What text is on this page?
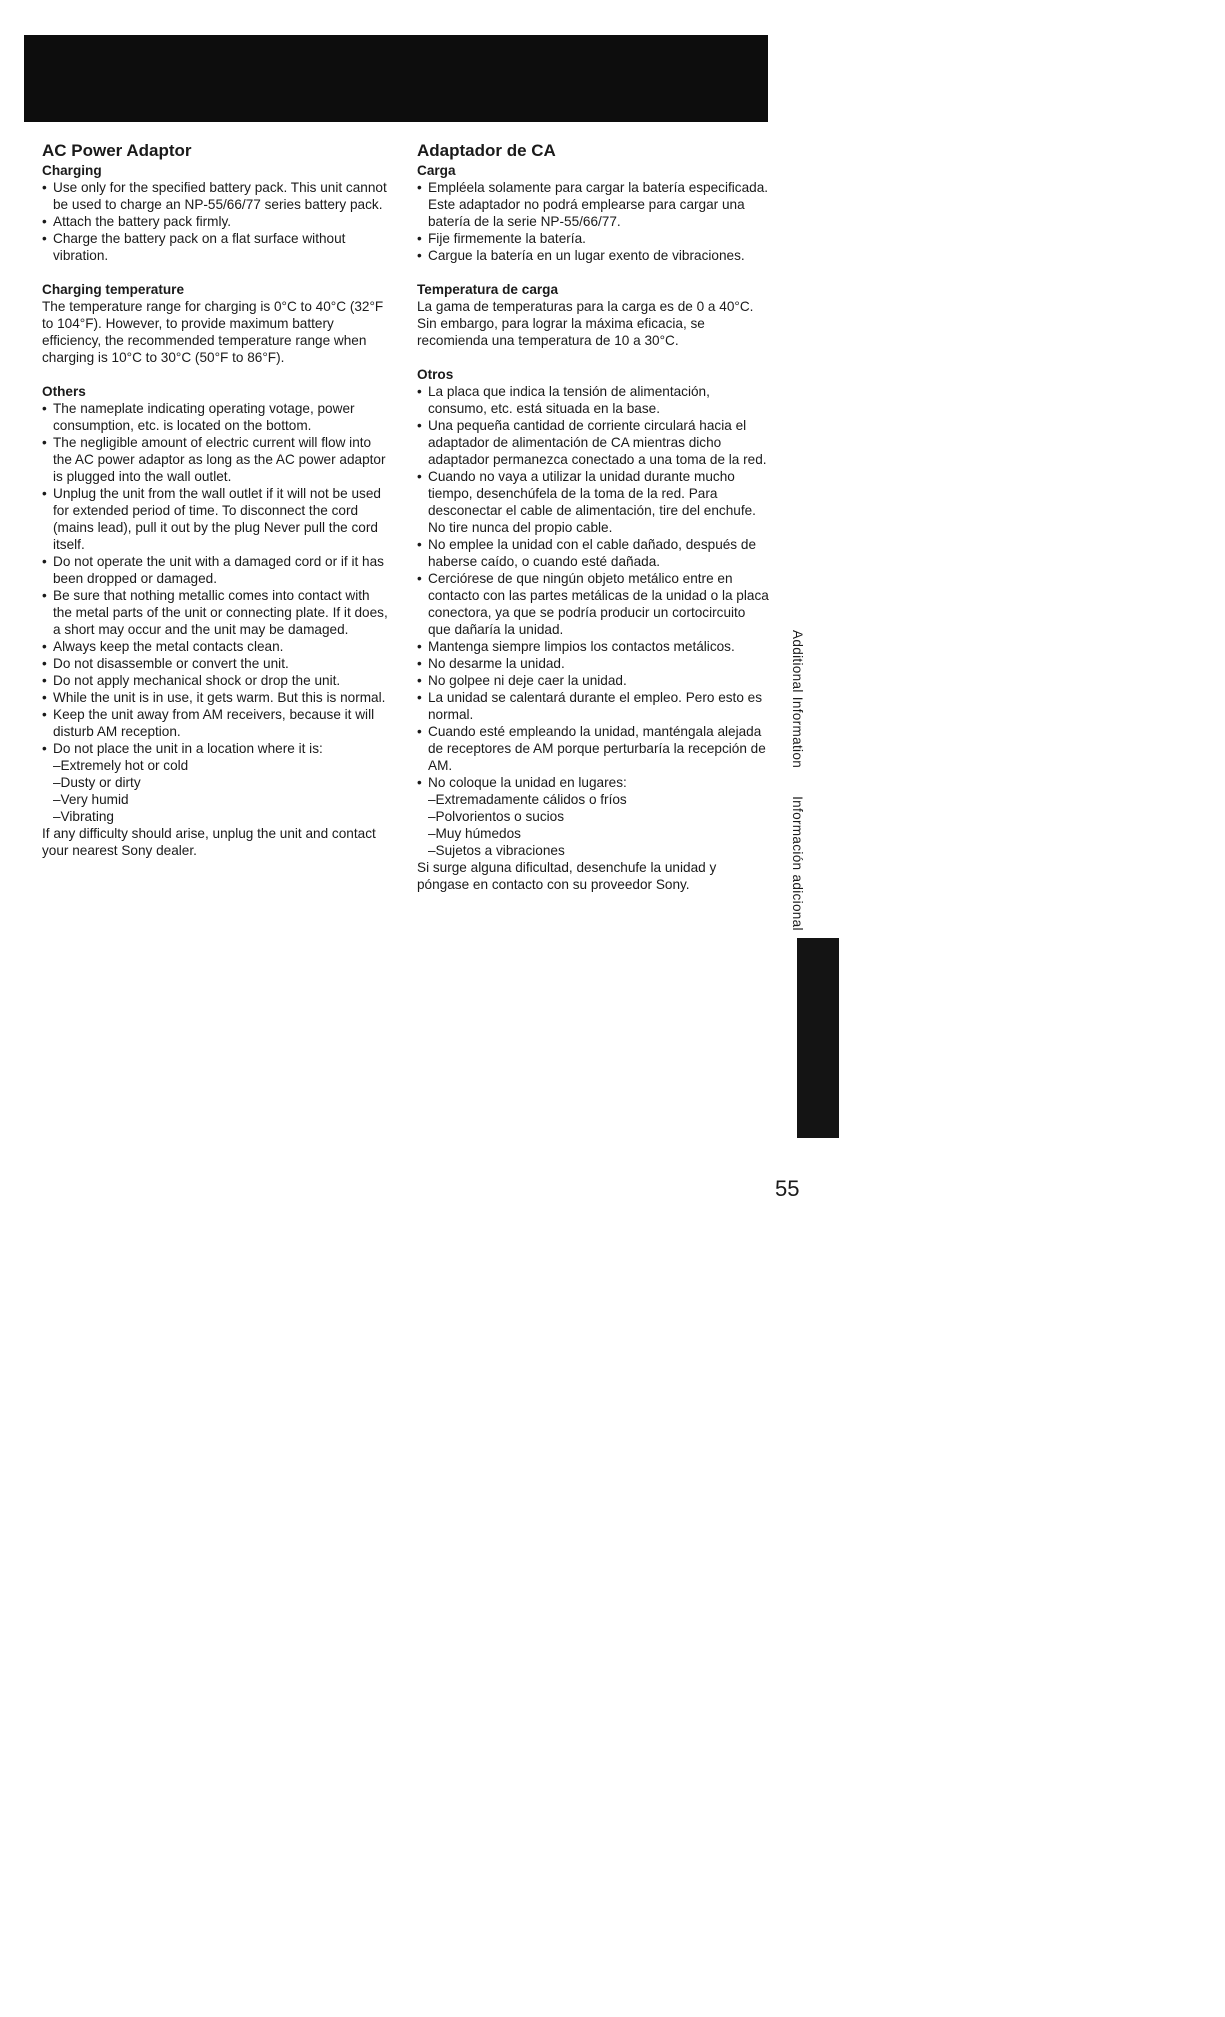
AC Power Adaptor
Charging
• Use only for the specified battery pack. This unit cannot be used to charge an NP-55/66/77 series battery pack.
• Attach the battery pack firmly.
• Charge the battery pack on a flat surface without vibration.
Charging temperature

The temperature range for charging is 0°C to 40°C (32°F to 104°F). However, to provide maximum battery efficiency, the recommended temperature range when charging is 10°C to 30°C (50°F to 86°F).

Others
• The nameplate indicating operating votage, power consumption, etc. is located on the bottom.
• The negligible amount of electric current will flow into the AC power adaptor as long as the AC power adaptor is plugged into the wall outlet.
• Unplug the unit from the wall outlet if it will not be used for extended period of time. To disconnect the cord (mains lead), pull it out by the plug Never pull the cord itself.
• Do not operate the unit with a damaged cord or if it has been dropped or damaged.
• Be sure that nothing metallic comes into contact with the metal parts of the unit or connecting plate. If it does, a short may occur and the unit may be damaged.
• Always keep the metal contacts clean.
• Do not disassemble or convert the unit.
• Do not apply mechanical shock or drop the unit.
• While the unit is in use, it gets warm. But this is normal.
• Keep the unit away from AM receivers, because it will disturb AM reception.
• Do not place the unit in a location where it is:
–Extremely hot or cold
–Dusty or dirty
–Very humid
–Vibrating

If any difficulty should arise, unplug the unit and contact your nearest Sony dealer.

Adaptador de CA
Carga
• Empléela solamente para cargar la batería especificada. Este adaptador no podrá emplearse para cargar una batería de la serie NP-55/66/77.
• Fije firmemente la batería.
• Cargue la batería en un lugar exento de vibraciones.
Temperatura de carga

La gama de temperaturas para la carga es de 0 a 40°C. Sin embargo, para lograr la máxima eficacia, se recomienda una temperatura de 10 a 30°C.

Otros
• La placa que indica la tensión de alimentación, consumo, etc. está situada en la base.
• Una pequeña cantidad de corriente circulará hacia el adaptador de alimentación de CA mientras dicho adaptador permanezca conectado a una toma de la red.
• Cuando no vaya a utilizar la unidad durante mucho tiempo, desenchúfela de la toma de la red. Para desconectar el cable de alimentación, tire del enchufe. No tire nunca del propio cable.
• No emplee la unidad con el cable dañado, después de haberse caído, o cuando esté dañada.
• Cerciórese de que ningún objeto metálico entre en contacto con las partes metálicas de la unidad o la placa conectora, ya que se podría producir un cortocircuito que dañaría la unidad.
• Mantenga siempre limpios los contactos metálicos.
• No desarme la unidad.
• No golpee ni deje caer la unidad.
• La unidad se calentará durante el empleo. Pero esto es normal.
• Cuando esté empleando la unidad, manténgala alejada de receptores de AM porque perturbaría la recepción de AM.
• No coloque la unidad en lugares:
–Extremadamente cálidos o fríos
–Polvorientos o sucios
–Muy húmedos
–Sujetos a vibraciones

Si surge alguna dificultad, desenchufe la unidad y póngase en contacto con su proveedor Sony.

Additional InformationInformación adicional
55
